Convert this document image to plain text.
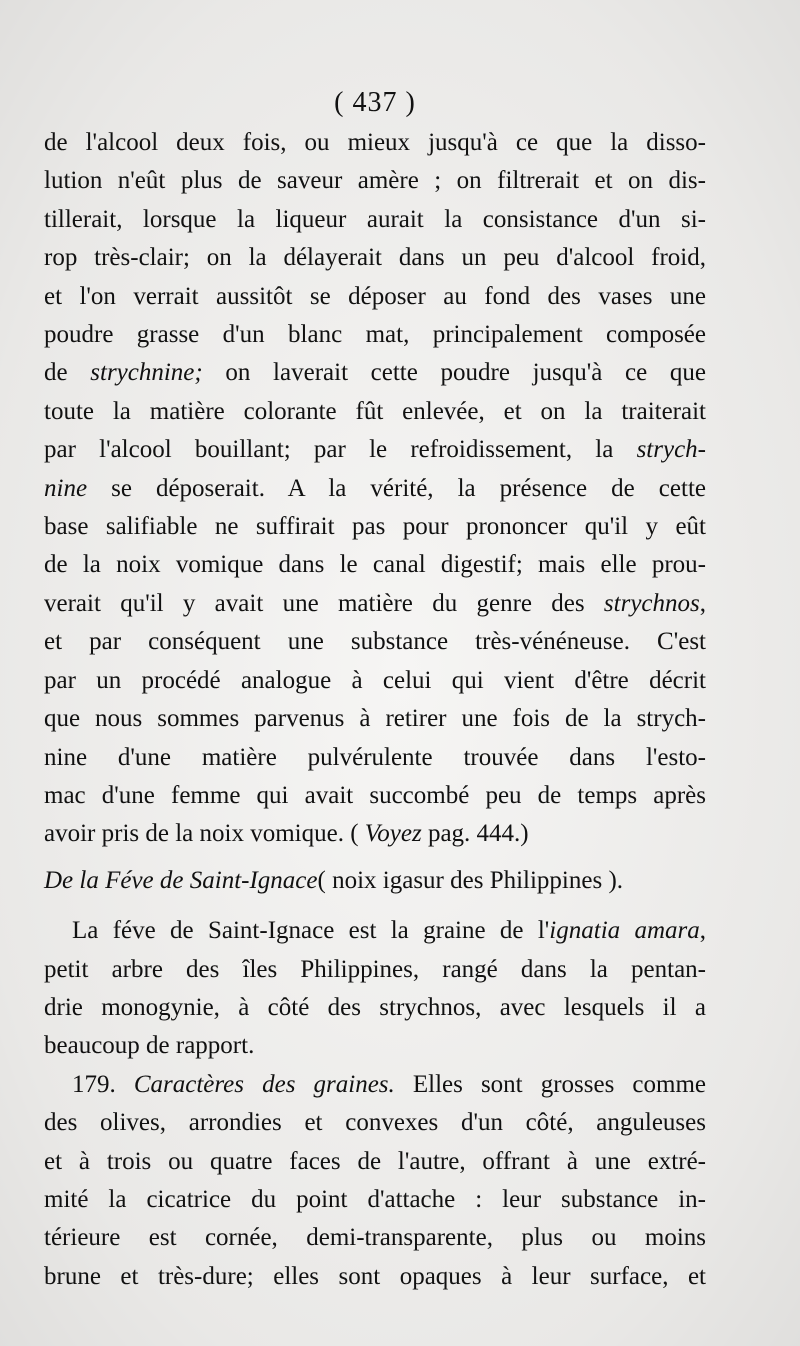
( 437 )
de l'alcool deux fois, ou mieux jusqu'à ce que la disso-
lution n'eût plus de saveur amère ; on filtrerait et on dis-
tillerait, lorsque la liqueur aurait la consistance d'un si-
rop très-clair; on la délayerait dans un peu d'alcool froid,
et l'on verrait aussitôt se déposer au fond des vases une
poudre grasse d'un blanc mat, principalement composée
de strychnine; on laverait cette poudre jusqu'à ce que
toute la matière colorante fût enlevée, et on la traiterait
par l'alcool bouillant; par le refroidissement, la strych-
nine se déposerait. A la vérité, la présence de cette
base salifiable ne suffirait pas pour prononcer qu'il y eût
de la noix vomique dans le canal digestif; mais elle prou-
verait qu'il y avait une matière du genre des strychnos,
et par conséquent une substance très-vénéneuse. C'est
par un procédé analogue à celui qui vient d'être décrit
que nous sommes parvenus à retirer une fois de la strych-
nine d'une matière pulvérulente trouvée dans l'esto-
mac d'une femme qui avait succombé peu de temps après
avoir pris de la noix vomique. ( Voyez pag. 444.)
De la Féve de Saint-Ignace( noix igasur des Philippines ).
La féve de Saint-Ignace est la graine de l'ignatia amara,
petit arbre des îles Philippines, rangé dans la pentan-
drie monogynie, à côté des strychnos, avec lesquels il a
beaucoup de rapport.
179. Caractères des graines. Elles sont grosses comme
des olives, arrondies et convexes d'un côté, anguleuses
et à trois ou quatre faces de l'autre, offrant à une extré-
mité la cicatrice du point d'attache : leur substance in-
térieure est cornée, demi-transparente, plus ou moins
brune et très-dure; elles sont opaques à leur surface, et
